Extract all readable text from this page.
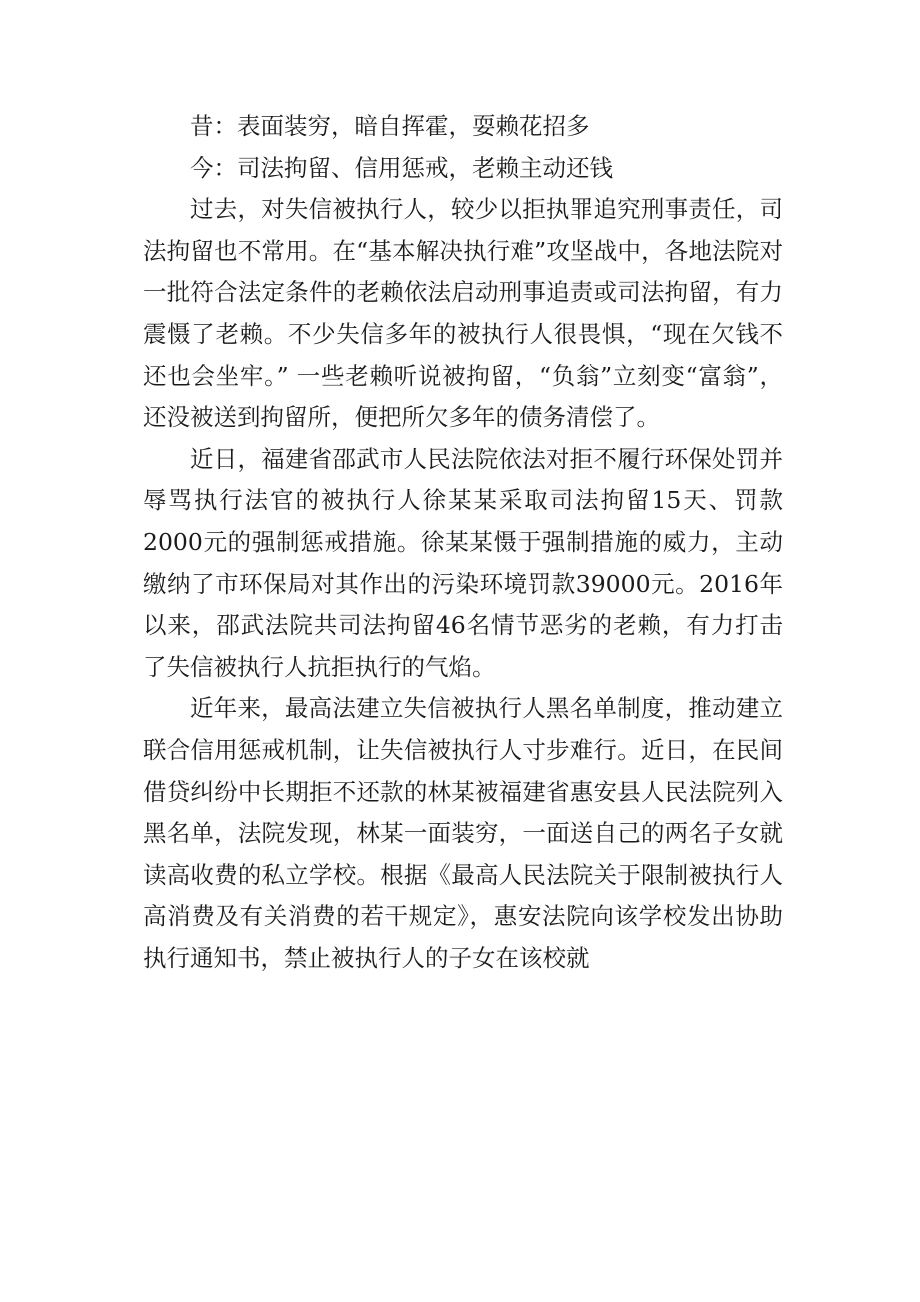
昔：表面装穷，暗自挥霍，耍赖花招多

今：司法拘留、信用惩戒，老赖主动还钱

过去，对失信被执行人，较少以拒执罪追究刑事责任，司法拘留也不常用。在“基本解决执行难”攻坚战中，各地法院对一批符合法定条件的老赖依法启动刑事追责或司法拘留，有力震慑了老赖。不少失信多年的被执行人很畏惧，“现在欠钱不还也会坐牢。” 一些老赖听说被拘留，“负翁”立刻变“富翁”，还没被送到拘留所，便把所欠多年的债务清偿了。

近日，福建省邵武市人民法院依法对拒不履行环保处罚并辱骂执行法官的被执行人徐某某采取司法拘留15天、罚款2000元的强制惩戒措施。徐某某慑于强制措施的威力，主动缴纳了市环保局对其作出的污染环境罚款39000元。2016年以来，邵武法院共司法拘留46名情节恶劣的老赖，有力打击了失信被执行人抗拒执行的气焰。

近年来，最高法建立失信被执行人黑名单制度，推动建立联合信用惩戒机制，让失信被执行人寸步难行。近日，在民间借贷纠纷中长期拒不还款的林某被福建省惠安县人民法院列入黑名单，法院发现，林某一面装穷，一面送自己的两名子女就读高收费的私立学校。根据《最高人民法院关于限制被执行人高消费及有关消费的若干规定》，惠安法院向该学校发出协助执行通知书，禁止被执行人的子女在该校就
